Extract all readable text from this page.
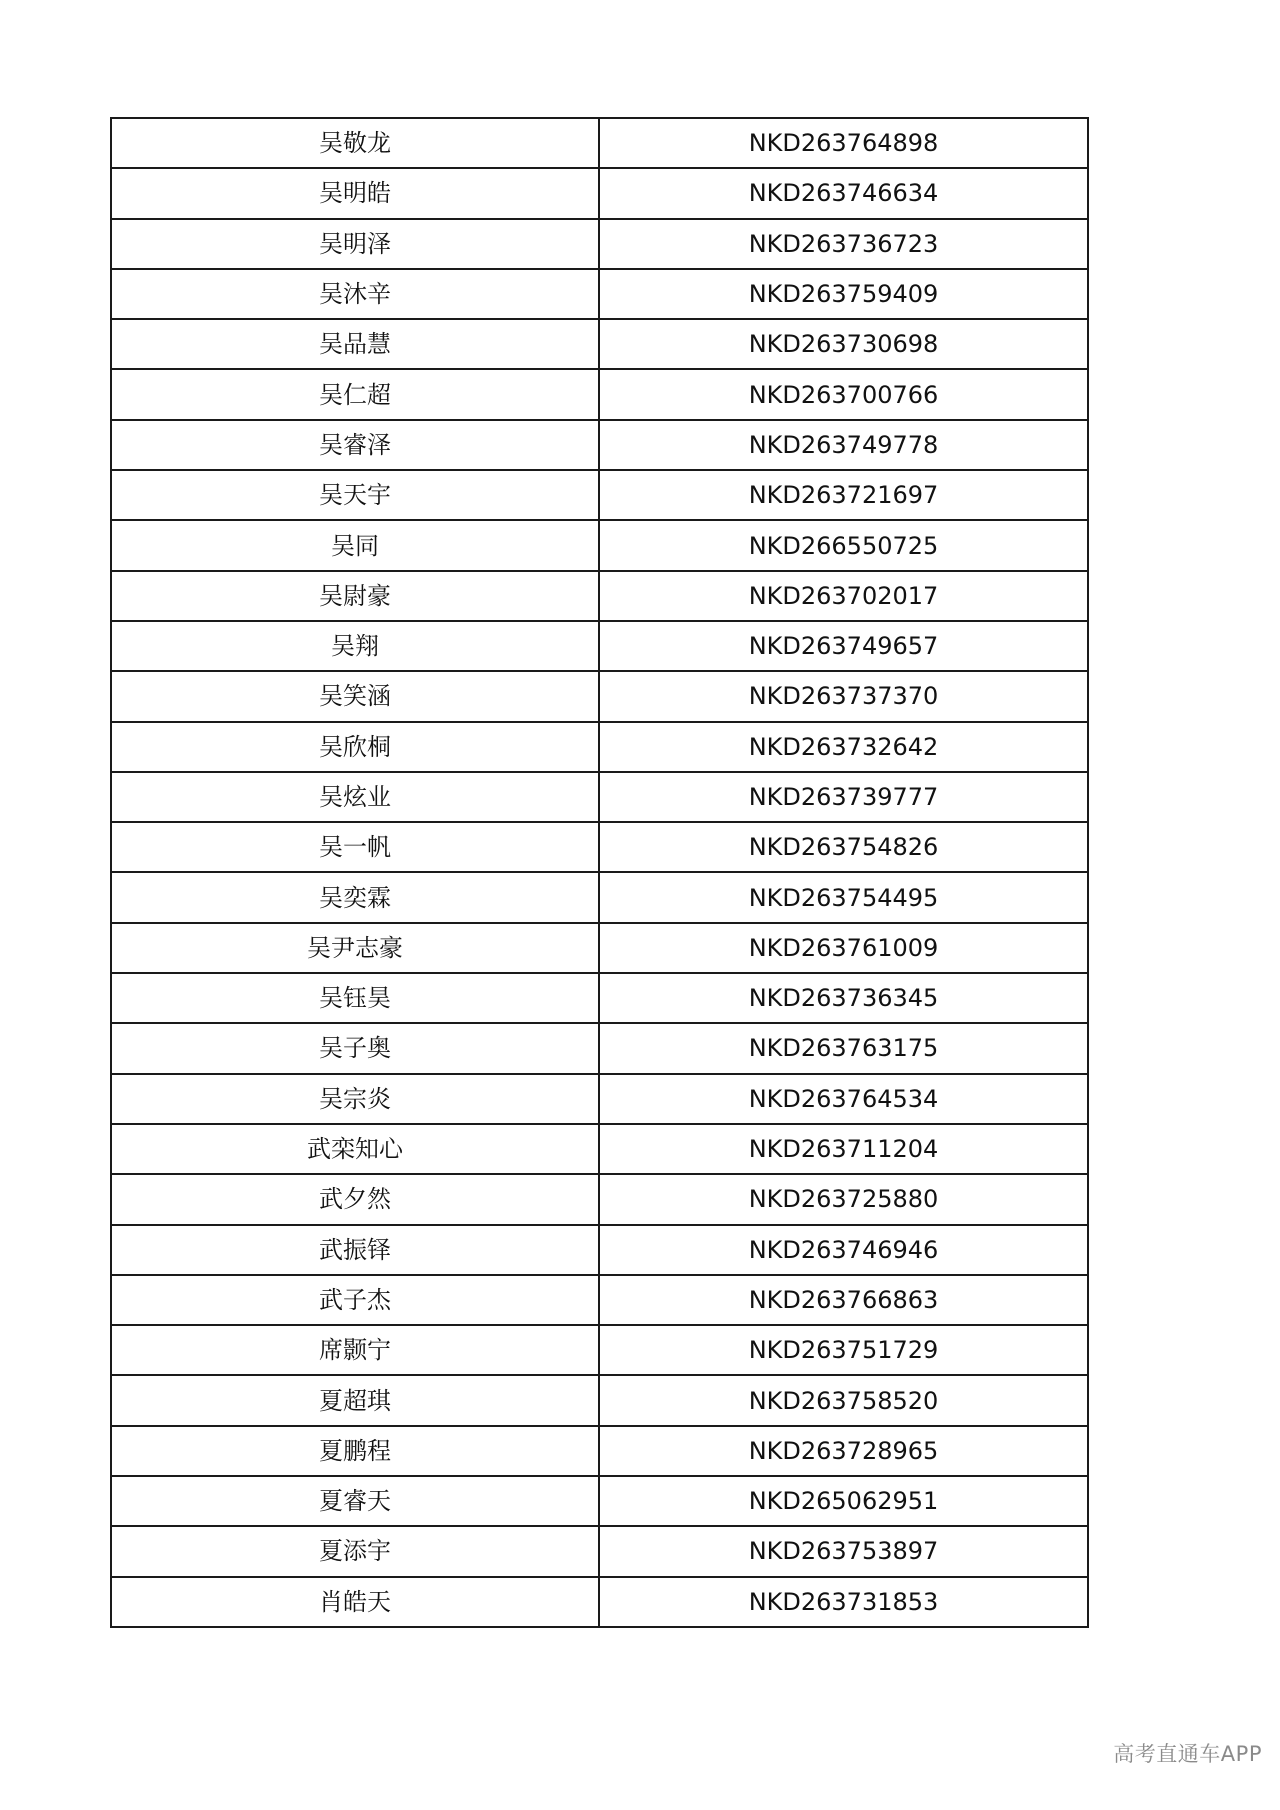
吴敬龙	NKD263764898
吴明皓	NKD263746634
吴明泽	NKD263736723
吴沐辛	NKD263759409
吴品慧	NKD263730698
吴仁超	NKD263700766
吴睿泽	NKD263749778
吴天宇	NKD263721697
吴同	NKD266550725
吴尉豪	NKD263702017
吴翔	NKD263749657
吴笑涵	NKD263737370
吴欣桐	NKD263732642
吴炫业	NKD263739777
吴一帆	NKD263754826
吴奕霖	NKD263754495
吴尹志豪	NKD263761009
吴钰昊	NKD263736345
吴子奥	NKD263763175
吴宗炎	NKD263764534
武栾知心	NKD263711204
武夕然	NKD263725880
武振铎	NKD263746946
武子杰	NKD263766863
席颢宁	NKD263751729
夏超琪	NKD263758520
夏鹏程	NKD263728965
夏睿天	NKD265062951
夏添宇	NKD263753897
肖皓天	NKD263731853
高考直通车APP
